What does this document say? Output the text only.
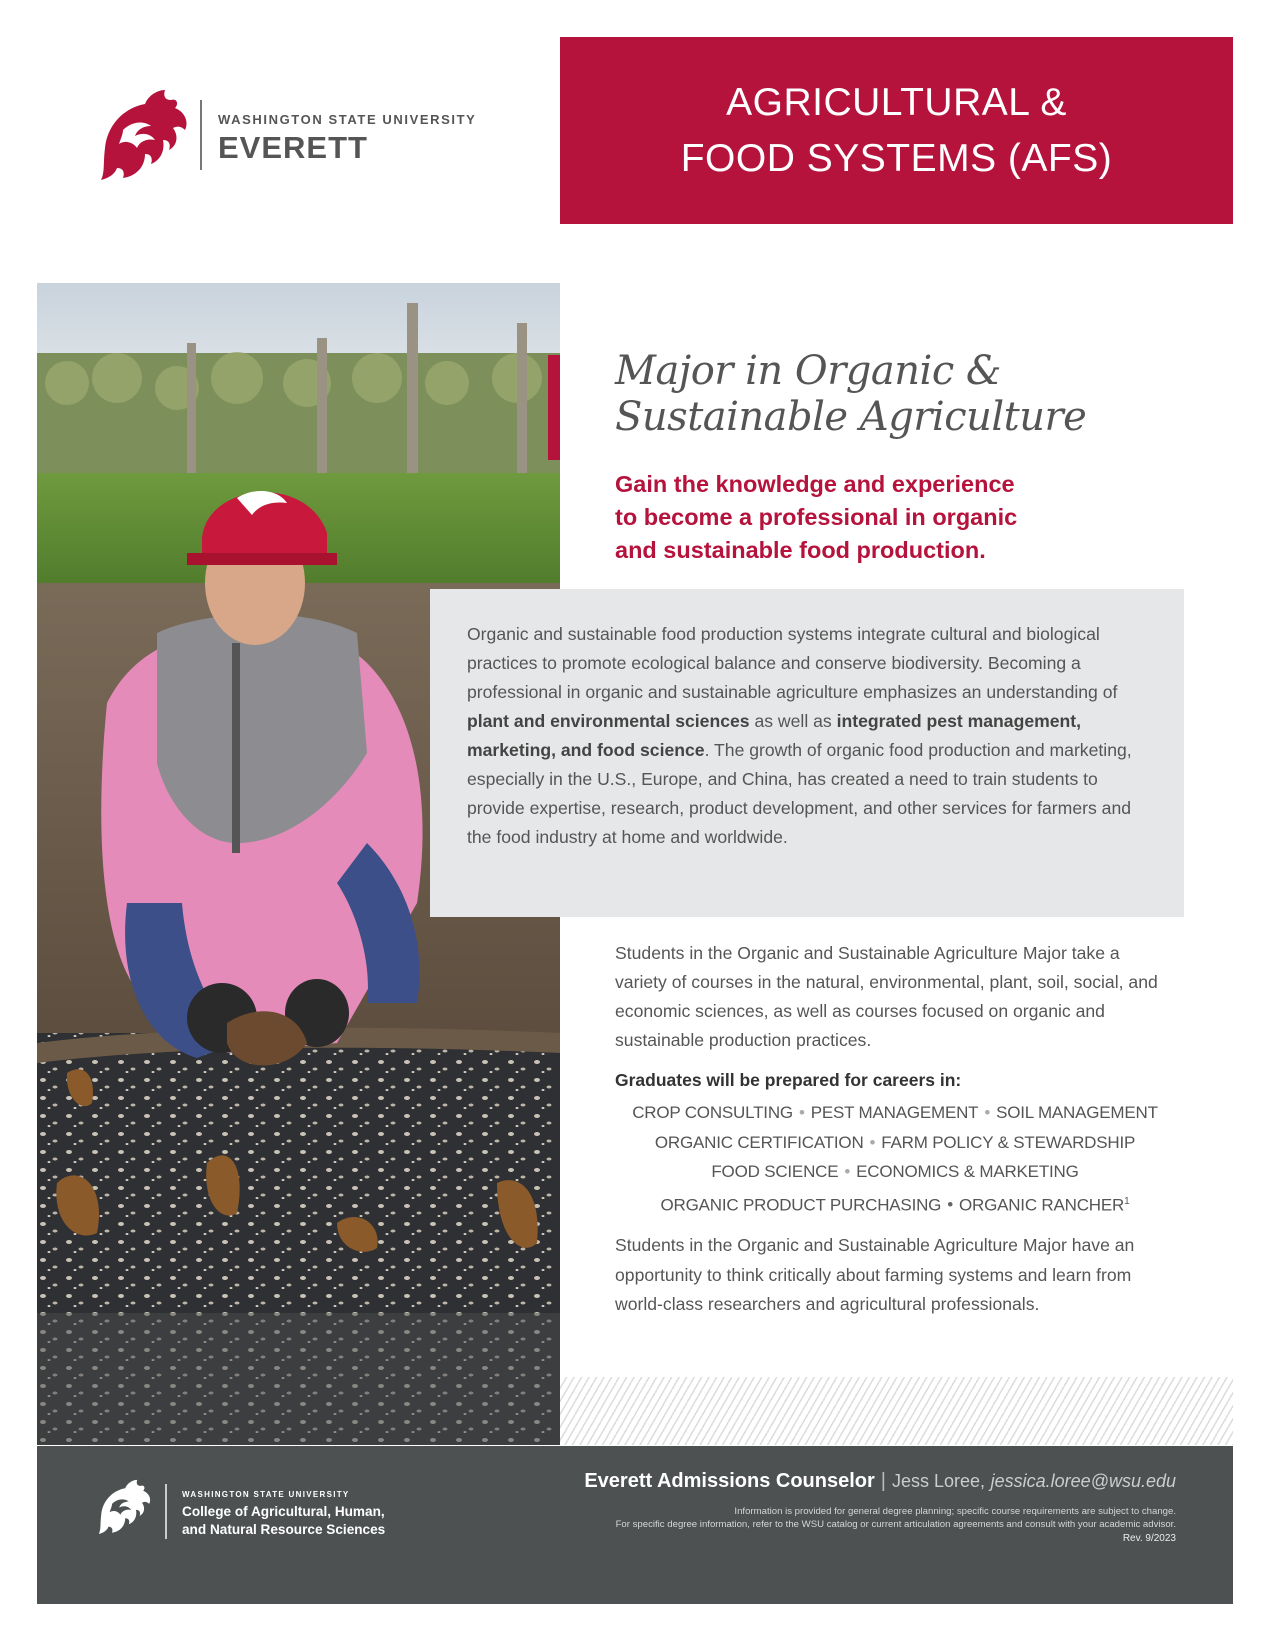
WASHINGTON STATE UNIVERSITY
EVERETT
AGRICULTURAL &
FOOD SYSTEMS (AFS)
Major in Organic &
Sustainable Agriculture
Gain the knowledge and experience
to become a professional in organic
and sustainable food production.

Organic and sustainable food production systems integrate cultural and biological practices to promote ecological balance and conserve biodiversity. Becoming a professional in organic and sustainable agriculture emphasizes an understanding of plant and environmental sciences as well as integrated pest management, marketing, and food science. The growth of organic food production and marketing, especially in the U.S., Europe, and China, has created a need to train students to provide expertise, research, product development, and other services for farmers and the food industry at home and worldwide.

Students in the Organic and Sustainable Agriculture Major take a variety of courses in the natural, environmental, plant, soil, social, and economic sciences, as well as courses focused on organic and sustainable production practices.

Graduates will be prepared for careers in:
CROP CONSULTING • PEST MANAGEMENT • SOIL MANAGEMENT
ORGANIC CERTIFICATION • FARM POLICY & STEWARDSHIP
FOOD SCIENCE • ECONOMICS & MARKETING
ORGANIC PRODUCT PURCHASING • ORGANIC RANCHER$^1$

Students in the Organic and Sustainable Agriculture Major have an opportunity to think critically about farming systems and learn from world-class researchers and agricultural professionals.

WASHINGTON STATE UNIVERSITY
College of Agricultural, Human,
and Natural Resource Sciences
Everett Admissions Counselor | Jess Loree, jessica.loree@wsu.edu
Information is provided for general degree planning; specific course requirements are subject to change.
For specific degree information, refer to the WSU catalog or current articulation agreements and consult with your academic advisor.
Rev. 9/2023
